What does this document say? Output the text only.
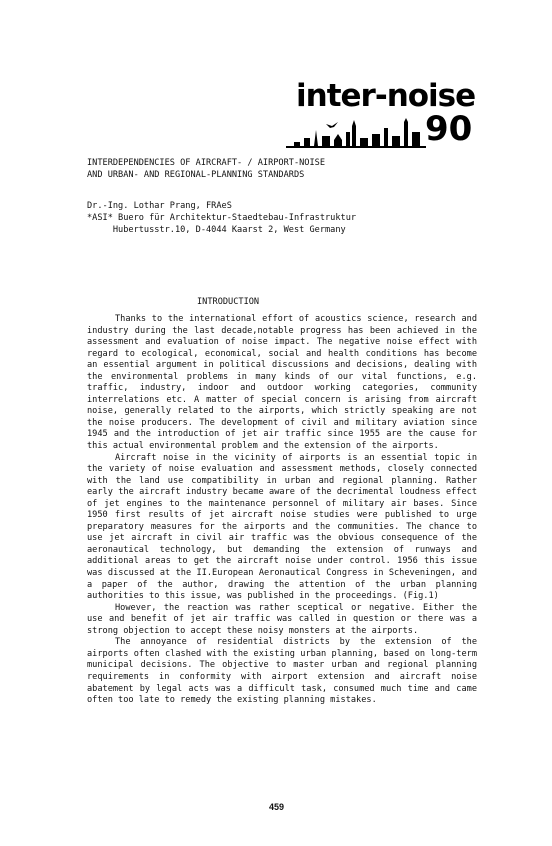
inter-noise
90
INTERDEPENDENCIES OF AIRCRAFT- / AIRPORT-NOISE
AND URBAN- AND REGIONAL-PLANNING STANDARDS
Dr.-Ing. Lothar Prang, FRAeS
*ASI* Buero für Architektur-Staedtebau-Infrastruktur
Hubertusstr.10, D-4044 Kaarst 2, West Germany
INTRODUCTION

Thanks to the international effort of acoustics science, research and industry during the last decade,notable progress has been achieved in the assessment and evaluation of noise impact. The negative noise effect with regard to ecological, economical, social and health conditions has become an essential argument in political discussions and decisions, dealing with the environmental problems in many kinds of our vital functions, e.g. traffic, industry, indoor and outdoor working categories, community interrelations etc. A matter of special concern is arising from aircraft noise, generally related to the airports, which strictly speaking are not the noise producers. The development of civil and military aviation since 1945 and the introduction of jet air traffic since 1955 are the cause for this actual environmental problem and the extension of the airports.

Aircraft noise in the vicinity of airports is an essential topic in the variety of noise evaluation and assessment methods, closely connected with the land use compatibility in urban and regional planning. Rather early the aircraft industry became aware of the decrimental loudness effect of jet engines to the maintenance personnel of military air bases. Since 1950 first results of jet aircraft noise studies were published to urge preparatory measures for the airports and the communities. The chance to use jet aircraft in civil air traffic was the obvious consequence of the aeronautical technology, but demanding the extension of runways and additional areas to get the aircraft noise under control. 1956 this issue was discussed at the II.European Aeronautical Congress in Scheveningen, and a paper of the author, drawing the attention of the urban planning authorities to this issue, was published in the proceedings. (Fig.1)

However, the reaction was rather sceptical or negative. Either the use and benefit of jet air traffic was called in question or there was a strong objection to accept these noisy monsters at the airports.

The annoyance of residential districts by the extension of the airports often clashed with the existing urban planning, based on long-term municipal decisions. The objective to master urban and regional planning requirements in conformity with airport extension and aircraft noise abatement by legal acts was a difficult task, consumed much time and came often too late to remedy the existing planning mistakes.

459
